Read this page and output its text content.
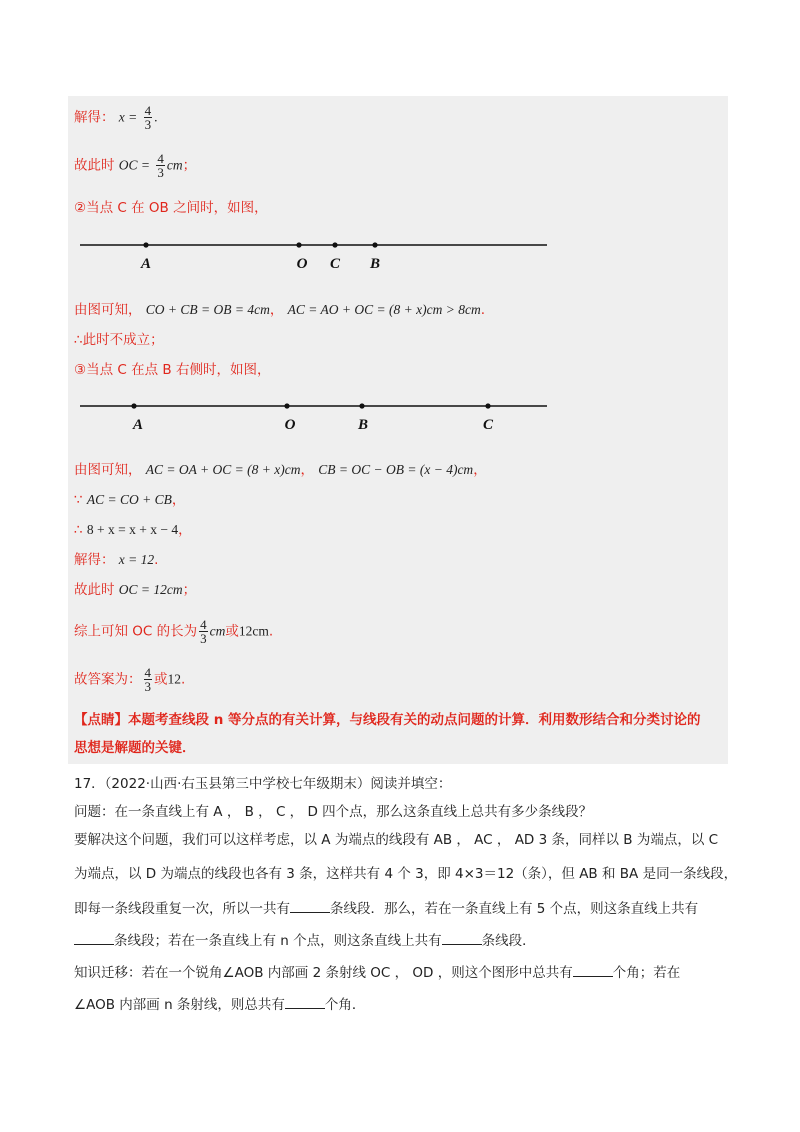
解得： $x = \frac{4}{3}$ .
故此时 OC = $\frac{4}{3}$ cm；
②当点 C 在 OB 之间时，如图，
A	O C B
由图可知， CO + CB = OB = 4cm， AC = AO + OC = (8 + x)cm > 8cm.
∴此时不成立；
③当点 C 在点 B 右侧时，如图，
A	O	B	C
由图可知， AC = OA + OC = (8 + x)cm， CB = OC − OB = (x − 4)cm，
∵ AC = CO + CB，
∴ 8 + x = x + x − 4，
解得： x = 12.
故此时 OC = 12cm；
综上可知 OC 的长为 $\frac{4}{3}$ cm或12cm.
故答案为： $\frac{4}{3}$ 或12.
【点睛】本题考查线段 n 等分点的有关计算，与线段有关的动点问题的计算．利用数形结合和分类讨论的
思想是解题的关键．
17．（2022·山西·右玉县第三中学校七年级期末）阅读并填空：
问题：在一条直线上有 A ， B ， C ， D 四个点，那么这条直线上总共有多少条线段？
要解决这个问题，我们可以这样考虑，以 A 为端点的线段有 AB ， AC ， AD 3 条，同样以 B 为端点，以 C
为端点，以 D 为端点的线段也各有 3 条，这样共有 4 个 3，即 4×3＝12（条），但 AB 和 BA 是同一条线段，
即每一条线段重复一次，所以一共有	条线段．那么，若在一条直线上有 5 个点，则这条直线上共有
条线段；若在一条直线上有 n 个点，则这条直线上共有	条线段．
知识迁移：若在一个锐角∠AOB 内部画 2 条射线 OC ， OD ，则这个图形中总共有	个角；若在
∠AOB 内部画 n 条射线，则总共有	个角．
